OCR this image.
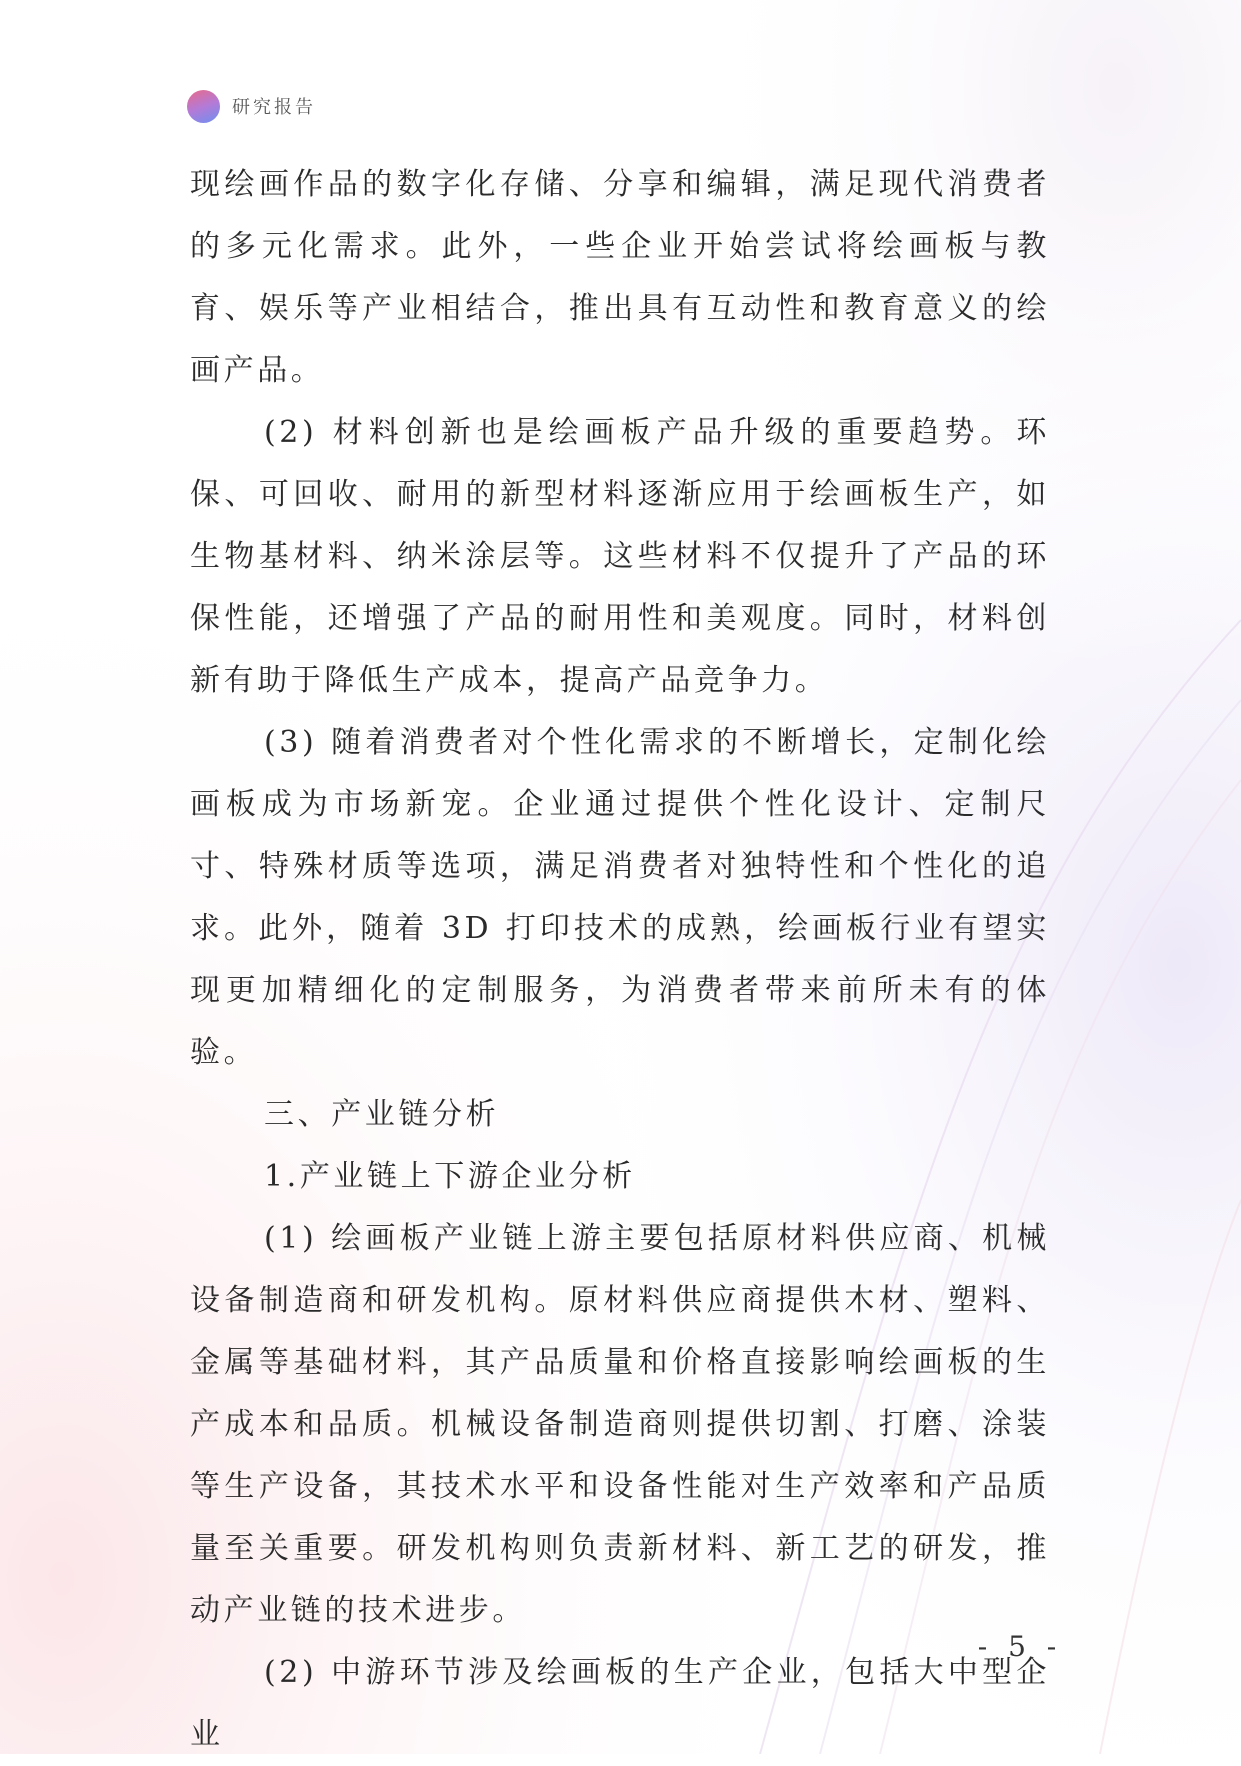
研究报告

现绘画作品的数字化存储、分享和编辑，满足现代消费者的多元化需求。此外，一些企业开始尝试将绘画板与教育、娱乐等产业相结合，推出具有互动性和教育意义的绘画产品。

(2) 材料创新也是绘画板产品升级的重要趋势。环保、可回收、耐用的新型材料逐渐应用于绘画板生产，如生物基材料、纳米涂层等。这些材料不仅提升了产品的环保性能，还增强了产品的耐用性和美观度。同时，材料创新有助于降低生产成本，提高产品竞争力。

(3) 随着消费者对个性化需求的不断增长，定制化绘画板成为市场新宠。企业通过提供个性化设计、定制尺寸、特殊材质等选项，满足消费者对独特性和个性化的追求。此外，随着 3D 打印技术的成熟，绘画板行业有望实现更加精细化的定制服务，为消费者带来前所未有的体验。

三、产业链分析

1.产业链上下游企业分析

(1) 绘画板产业链上游主要包括原材料供应商、机械设备制造商和研发机构。原材料供应商提供木材、塑料、金属等基础材料，其产品质量和价格直接影响绘画板的生产成本和品质。机械设备制造商则提供切割、打磨、涂装等生产设备，其技术水平和设备性能对生产效率和产品质量至关重要。研发机构则负责新材料、新工艺的研发，推动产业链的技术进步。

(2) 中游环节涉及绘画板的生产企业，包括大中型企业

- 5 -
